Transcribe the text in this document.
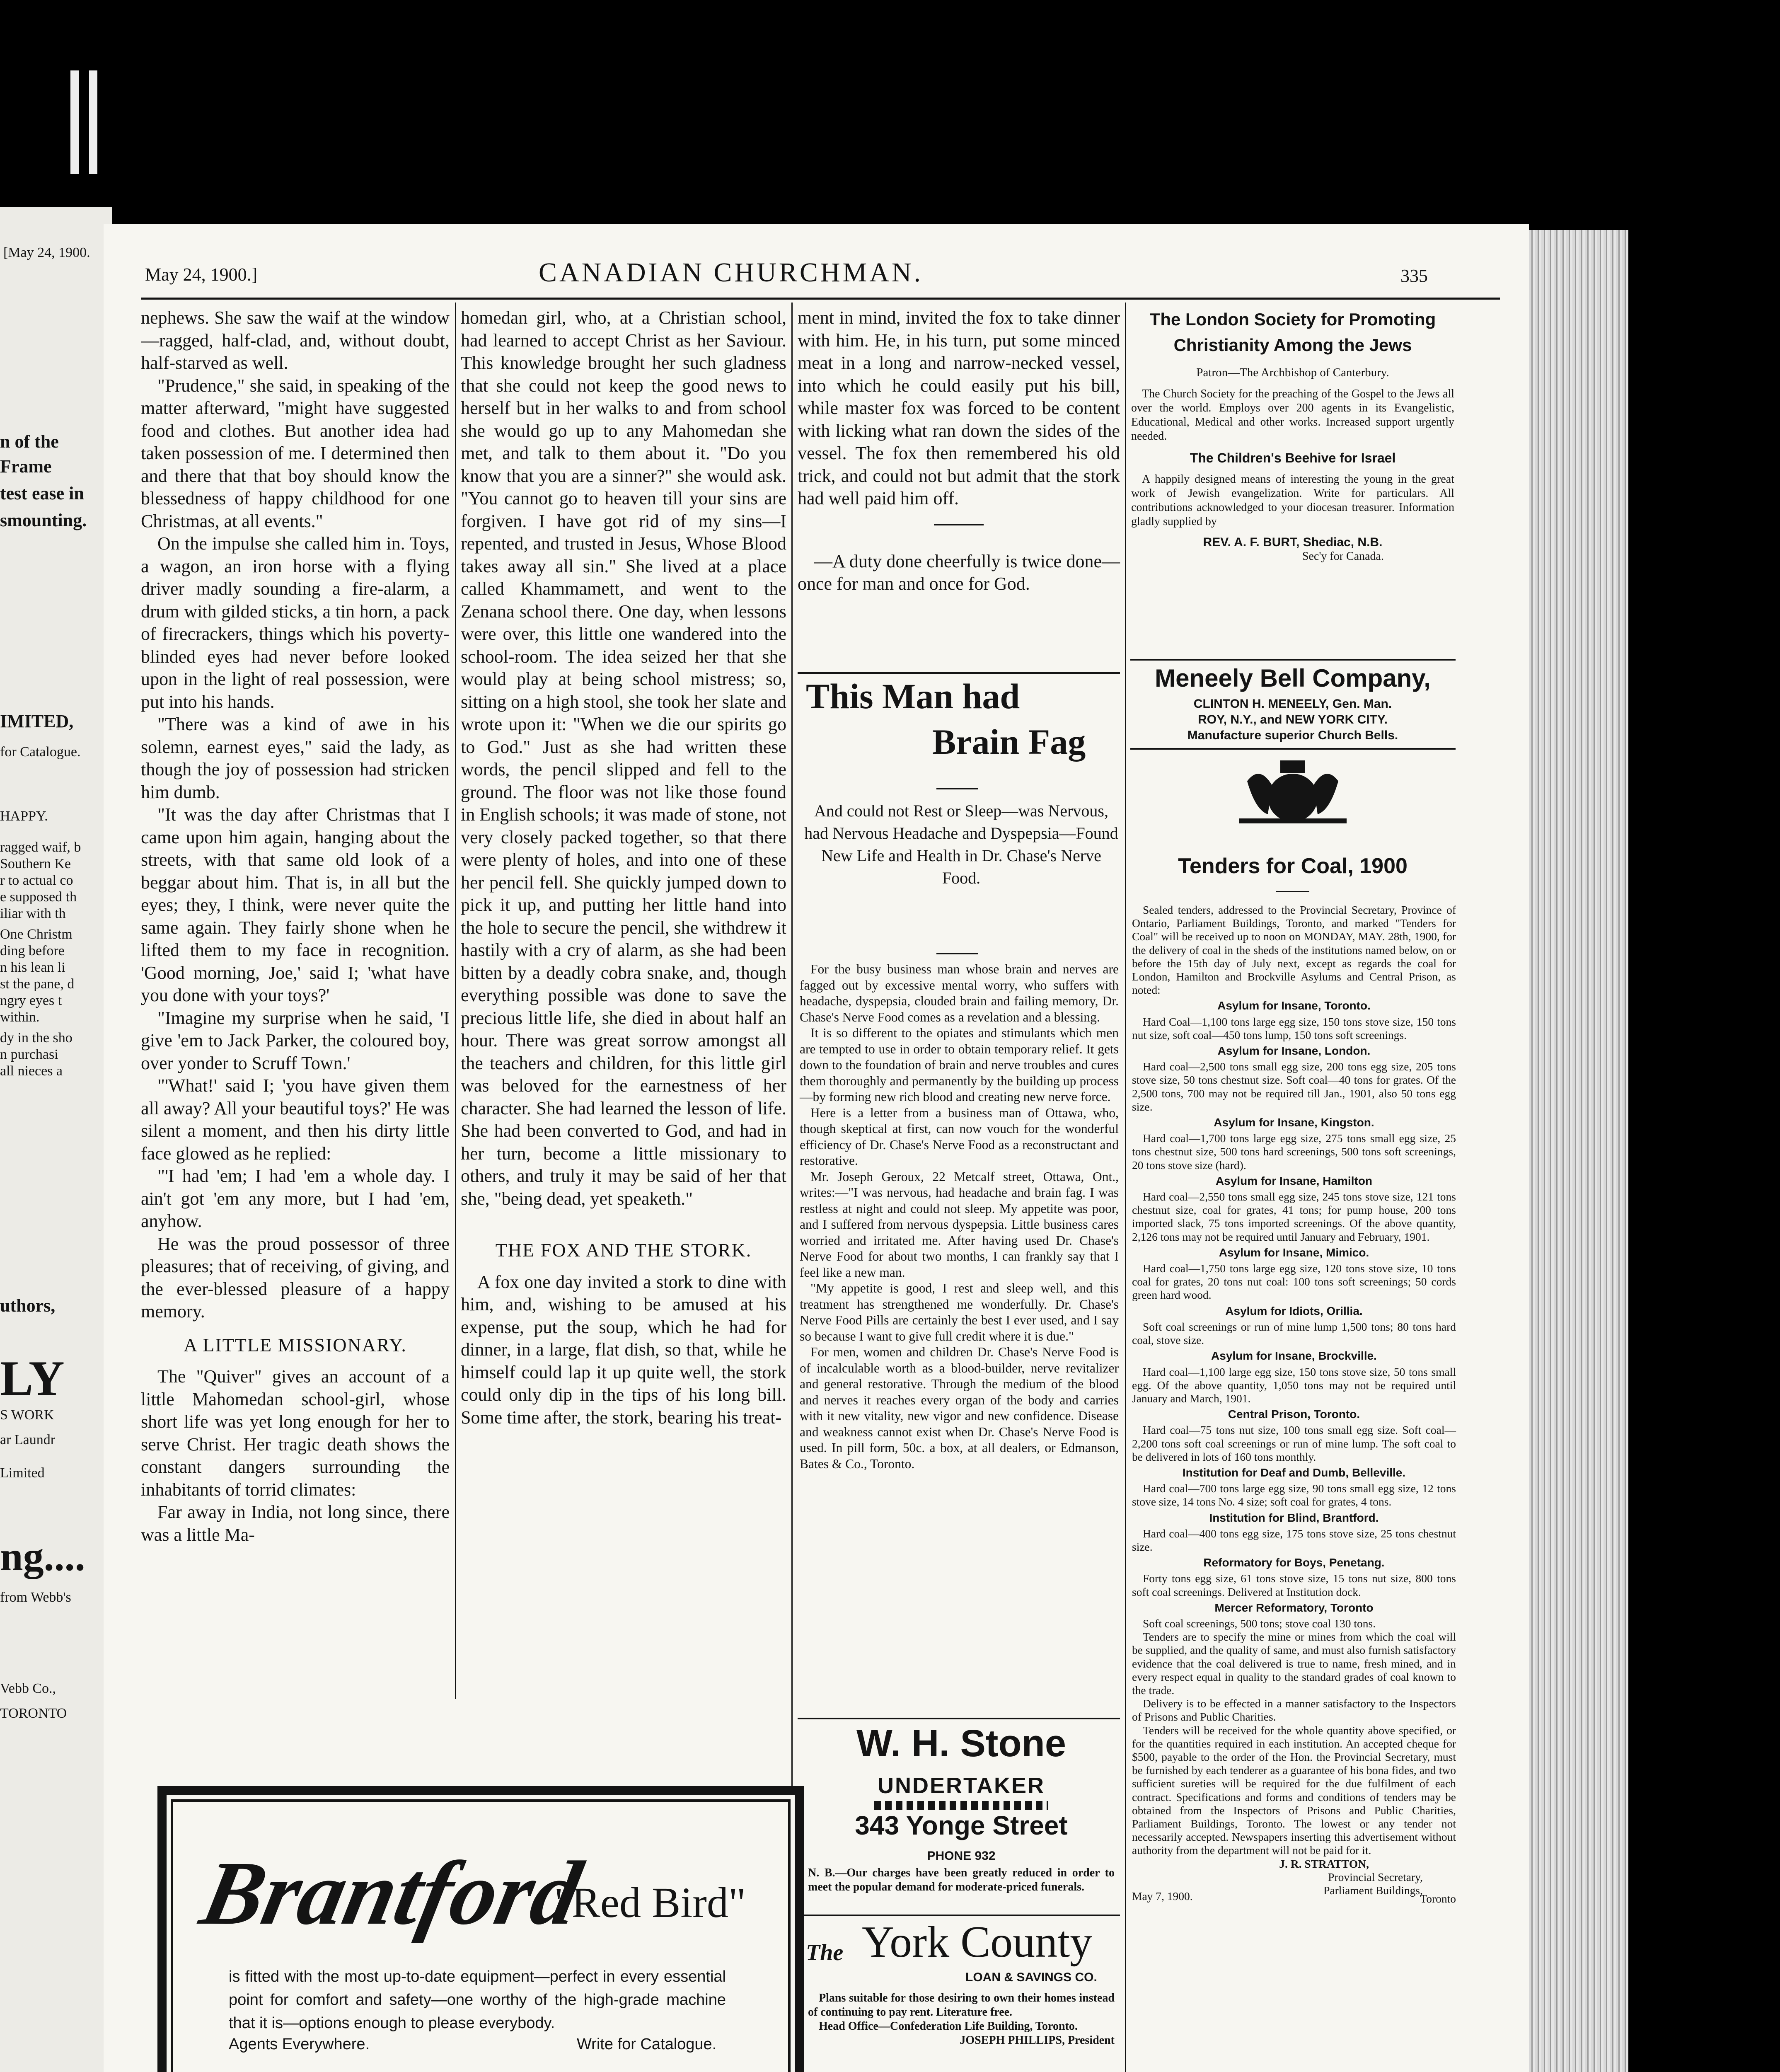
[May 24, 1900.
n of the
Frame
test ease in
smounting.
IMITED,
for Catalogue.
HAPPY.
ragged waif, b
Southern Ke
r to actual co
e supposed th
iliar with th
One Christm
ding before
n his lean li
st the pane, d
ngry eyes t
within.
dy in the sho
n purchasi
all nieces a
uthors,
LY
S WORK
ar Laundr
Limited
ng....
from Webb's
Vebb Co.,
TORONTO
May 24, 1900.]	CANADIAN CHURCHMAN.	335

nephews. She saw the waif at the window—ragged, half-clad, and, without doubt, half-starved as well.

"Prudence," she said, in speaking of the matter afterward, "might have suggested food and clothes. But another idea had taken possession of me. I determined then and there that that boy should know the blessedness of happy childhood for one Christmas, at all events."

On the impulse she called him in. Toys, a wagon, an iron horse with a flying driver madly sounding a fire-alarm, a drum with gilded sticks, a tin horn, a pack of firecrackers, things which his poverty-blinded eyes had never before looked upon in the light of real possession, were put into his hands.

"There was a kind of awe in his solemn, earnest eyes," said the lady, as though the joy of possession had stricken him dumb.

"It was the day after Christmas that I came upon him again, hanging about the streets, with that same old look of a beggar about him. That is, in all but the eyes; they, I think, were never quite the same again. They fairly shone when he lifted them to my face in recognition. 'Good morning, Joe,' said I; 'what have you done with your toys?'

"Imagine my surprise when he said, 'I give 'em to Jack Parker, the coloured boy, over yonder to Scruff Town.'

"'What!' said I; 'you have given them all away? All your beautiful toys?' He was silent a moment, and then his dirty little face glowed as he replied:

"'I had 'em; I had 'em a whole day. I ain't got 'em any more, but I had 'em, anyhow.

He was the proud possessor of three pleasures; that of receiving, of giving, and the ever-blessed pleasure of a happy memory.

A LITTLE MISSIONARY.

The "Quiver" gives an account of a little Mahomedan school-girl, whose short life was yet long enough for her to serve Christ. Her tragic death shows the constant dangers surrounding the inhabitants of torrid climates:

Far away in India, not long since, there was a little Ma-

homedan girl, who, at a Christian school, had learned to accept Christ as her Saviour. This knowledge brought her such gladness that she could not keep the good news to herself but in her walks to and from school she would go up to any Mahomedan she met, and talk to them about it. "Do you know that you are a sinner?" she would ask. "You cannot go to heaven till your sins are forgiven. I have got rid of my sins—I repented, and trusted in Jesus, Whose Blood takes away all sin." She lived at a place called Khammamett, and went to the Zenana school there. One day, when lessons were over, this little one wandered into the school-room. The idea seized her that she would play at being school mistress; so, sitting on a high stool, she took her slate and wrote upon it: "When we die our spirits go to God." Just as she had written these words, the pencil slipped and fell to the ground. The floor was not like those found in English schools; it was made of stone, not very closely packed together, so that there were plenty of holes, and into one of these her pencil fell. She quickly jumped down to pick it up, and putting her little hand into the hole to secure the pencil, she withdrew it hastily with a cry of alarm, as she had been bitten by a deadly cobra snake, and, though everything possible was done to save the precious little life, she died in about half an hour. There was great sorrow amongst all the teachers and children, for this little girl was beloved for the earnestness of her character. She had learned the lesson of life. She had been converted to God, and had in her turn, become a little missionary to others, and truly it may be said of her that she, "being dead, yet speaketh."

THE FOX AND THE STORK.

A fox one day invited a stork to dine with him, and, wishing to be amused at his expense, put the soup, which he had for dinner, in a large, flat dish, so that, while he himself could lap it up quite well, the stork could only dip in the tips of his long bill. Some time after, the stork, bearing his treat-

ment in mind, invited the fox to take dinner with him. He, in his turn, put some minced meat in a long and narrow-necked vessel, into which he could easily put his bill, while master fox was forced to be content with licking what ran down the sides of the vessel. The fox then remembered his old trick, and could not but admit that the stork had well paid him off.

—A duty done cheerfully is twice done—once for man and once for God.

This Man had
Brain Fag
And could not Rest or Sleep—was Nervous, had Nervous Headache and Dyspepsia—Found New Life and Health in Dr. Chase's Nerve Food.

For the busy business man whose brain and nerves are fagged out by excessive mental worry, who suffers with headache, dyspepsia, clouded brain and failing memory, Dr. Chase's Nerve Food comes as a revelation and a blessing.

It is so different to the opiates and stimulants which men are tempted to use in order to obtain temporary relief. It gets down to the foundation of brain and nerve troubles and cures them thoroughly and permanently by the building up process—by forming new rich blood and creating new nerve force.

Here is a letter from a business man of Ottawa, who, though skeptical at first, can now vouch for the wonderful efficiency of Dr. Chase's Nerve Food as a reconstructant and restorative.

Mr. Joseph Geroux, 22 Metcalf street, Ottawa, Ont., writes:—"I was nervous, had headache and brain fag. I was restless at night and could not sleep. My appetite was poor, and I suffered from nervous dyspepsia. Little business cares worried and irritated me. After having used Dr. Chase's Nerve Food for about two months, I can frankly say that I feel like a new man.

"My appetite is good, I rest and sleep well, and this treatment has strengthened me wonderfully. Dr. Chase's Nerve Food Pills are certainly the best I ever used, and I say so because I want to give full credit where it is due."

For men, women and children Dr. Chase's Nerve Food is of incalculable worth as a blood-builder, nerve revitalizer and general restorative. Through the medium of the blood and nerves it reaches every organ of the body and carries with it new vitality, new vigor and new confidence. Disease and weakness cannot exist when Dr. Chase's Nerve Food is used. In pill form, 50c. a box, at all dealers, or Edmanson, Bates & Co., Toronto.

W. H. Stone
UNDERTAKER
343 Yonge Street
PHONE 932
N. B.—Our charges have been greatly reduced in order to meet the popular demand for moderate-priced funerals.
The York County
LOAN & SAVINGS CO.

Plans suitable for those desiring to own their homes instead of continuing to pay rent. Literature free.

Head Office—Confederation Life Building, Toronto.

JOSEPH PHILLIPS, President
The London Society for Promoting
Christianity Among the Jews
Patron—The Archbishop of Canterbury.

The Church Society for the preaching of the Gospel to the Jews all over the world. Employs over 200 agents in its Evangelistic, Educational, Medical and other works. Increased support urgently needed.

The Children's Beehive for Israel

A happily designed means of interesting the young in the great work of Jewish evangelization. Write for particulars. All contributions acknowledged to your diocesan treasurer. Information gladly supplied by

REV. A. F. BURT, Shediac, N.B.
Sec'y for Canada.
Meneely Bell Company,
CLINTON H. MENEELY, Gen. Man.
ROY, N.Y., and NEW YORK CITY.
Manufacture superior Church Bells.
Tenders for Coal, 1900

Sealed tenders, addressed to the Provincial Secretary, Province of Ontario, Parliament Buildings, Toronto, and marked "Tenders for Coal" will be received up to noon on MONDAY, MAY. 28th, 1900, for the delivery of coal in the sheds of the institutions named below, on or before the 15th day of July next, except as regards the coal for London, Hamilton and Brockville Asylums and Central Prison, as noted:

Asylum for Insane, Toronto.

Hard Coal—1,100 tons large egg size, 150 tons stove size, 150 tons nut size, soft coal—450 tons lump, 150 tons soft screenings.

Asylum for Insane, London.

Hard coal—2,500 tons small egg size, 200 tons egg size, 205 tons stove size, 50 tons chestnut size. Soft coal—40 tons for grates. Of the 2,500 tons, 700 may not be required till Jan., 1901, also 50 tons egg size.

Asylum for Insane, Kingston.

Hard coal—1,700 tons large egg size, 275 tons small egg size, 25 tons chestnut size, 500 tons hard screenings, 500 tons soft screenings, 20 tons stove size (hard).

Asylum for Insane, Hamilton

Hard coal—2,550 tons small egg size, 245 tons stove size, 121 tons chestnut size, coal for grates, 41 tons; for pump house, 200 tons imported slack, 75 tons imported screenings. Of the above quantity, 2,126 tons may not be required until January and February, 1901.

Asylum for Insane, Mimico.

Hard coal—1,750 tons large egg size, 120 tons stove size, 10 tons coal for grates, 20 tons nut coal: 100 tons soft screenings; 50 cords green hard wood.

Asylum for Idiots, Orillia.

Soft coal screenings or run of mine lump 1,500 tons; 80 tons hard coal, stove size.

Asylum for Insane, Brockville.

Hard coal—1,100 large egg size, 150 tons stove size, 50 tons small egg. Of the above quantity, 1,050 tons may not be required until January and March, 1901.

Central Prison, Toronto.

Hard coal—75 tons nut size, 100 tons small egg size. Soft coal—2,200 tons soft coal screenings or run of mine lump. The soft coal to be delivered in lots of 160 tons monthly.

Institution for Deaf and Dumb, Belleville.

Hard coal—700 tons large egg size, 90 tons small egg size, 12 tons stove size, 14 tons No. 4 size; soft coal for grates, 4 tons.

Institution for Blind, Brantford.

Hard coal—400 tons egg size, 175 tons stove size, 25 tons chestnut size.

Reformatory for Boys, Penetang.

Forty tons egg size, 61 tons stove size, 15 tons nut size, 800 tons soft coal screenings. Delivered at Institution dock.

Mercer Reformatory, Toronto

Soft coal screenings, 500 tons; stove coal 130 tons.

Tenders are to specify the mine or mines from which the coal will be supplied, and the quality of same, and must also furnish satisfactory evidence that the coal delivered is true to name, fresh mined, and in every respect equal in quality to the standard grades of coal known to the trade.

Delivery is to be effected in a manner satisfactory to the Inspectors of Prisons and Public Charities.

Tenders will be received for the whole quantity above specified, or for the quantities required in each institution. An accepted cheque for $500, payable to the order of the Hon. the Provincial Secretary, must be furnished by each tenderer as a guarantee of his bona fides, and two sufficient sureties will be required for the due fulfilment of each contract. Specifications and forms and conditions of tenders may be obtained from the Inspectors of Prisons and Public Charities, Parliament Buildings, Toronto. The lowest or any tender not necessarily accepted. Newspapers inserting this advertisement without authority from the department will not be paid for it.

J. R. STRATTON,
Provincial Secretary,
May 7, 1900.	Parliament Buildings,
Toronto
Brantford
"Red Bird"
is fitted with the most up-to-date equipment—perfect in every essential point for comfort and safety—one worthy of the high-grade machine that it is—options enough to please everybody.
Agents Everywhere.	Write for Catalogue.
